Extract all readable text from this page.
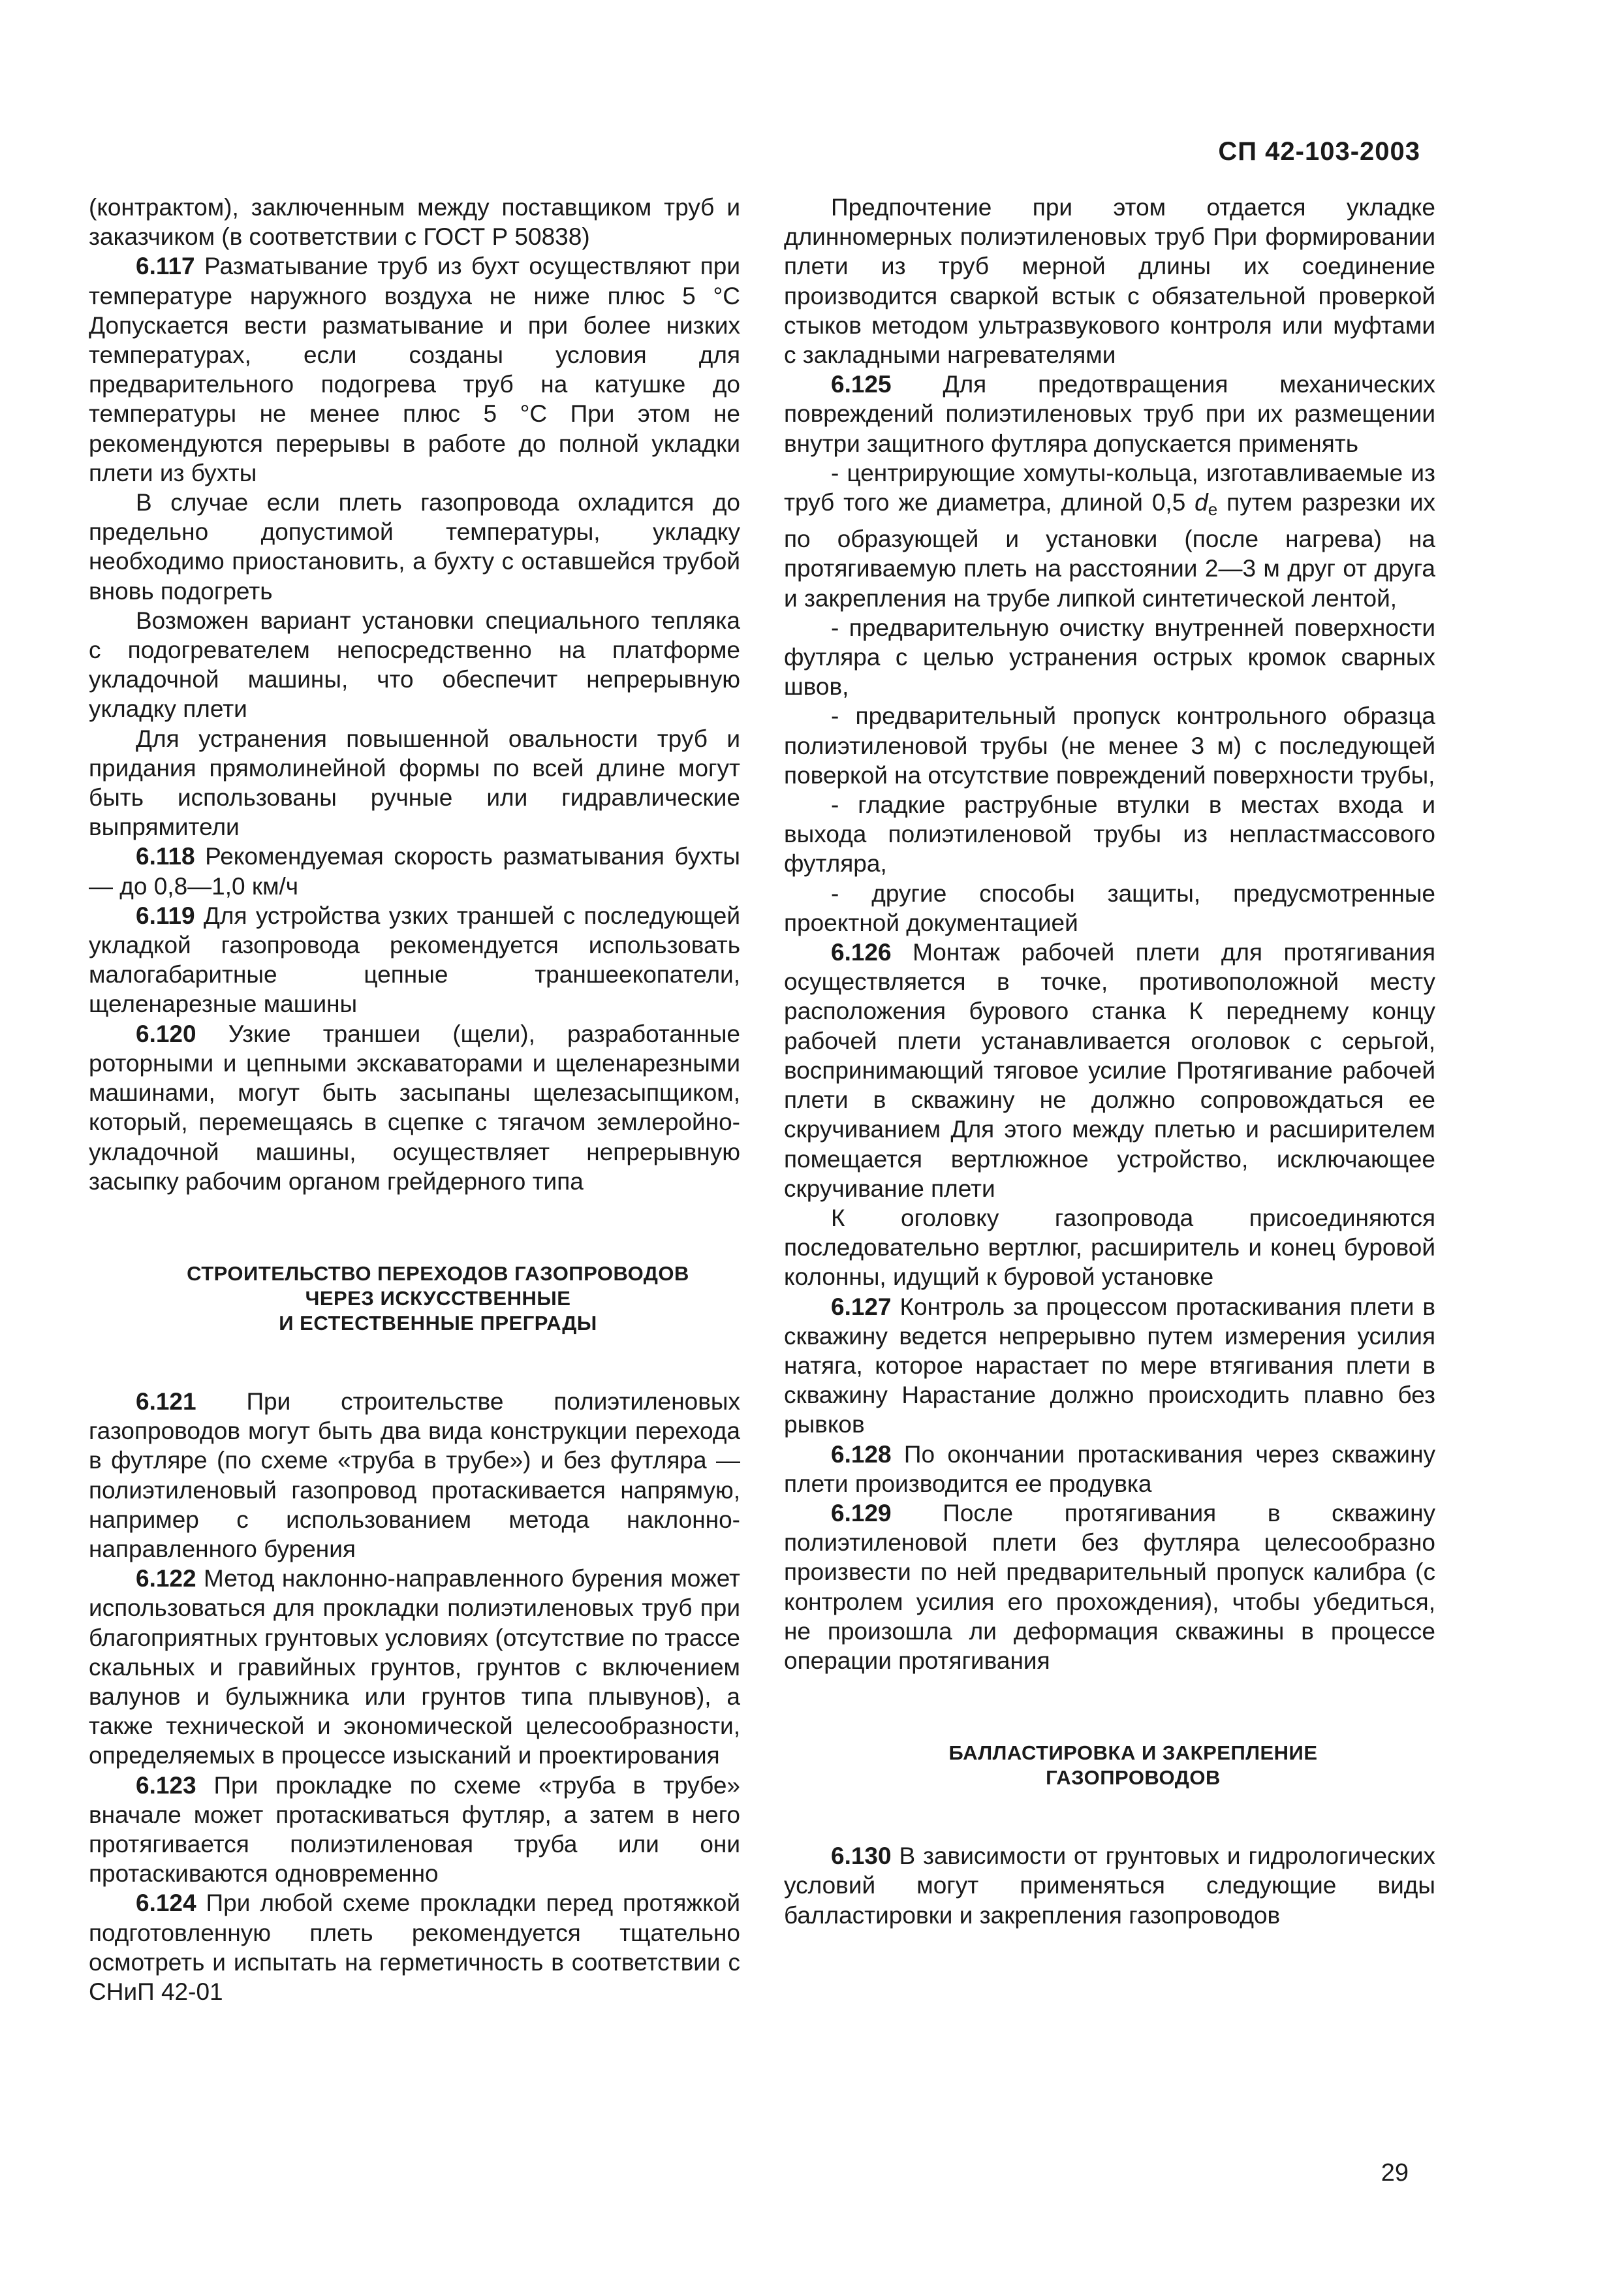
СП 42-103-2003

(контрактом), заключенным между поставщиком труб и заказчиком (в соответствии с ГОСТ Р 50838)

6.117 Разматывание труб из бухт осуществляют при температуре наружного воздуха не ниже плюс 5 °С Допускается вести разматывание и при более низких температурах, если созданы условия для предварительного подогрева труб на катушке до температуры не менее плюс 5 °С При этом не рекомендуются перерывы в работе до полной укладки плети из бухты

В случае если плеть газопровода охладится до предельно допустимой температуры, укладку необходимо приостановить, а бухту с оставшейся трубой вновь подогреть

Возможен вариант установки специального тепляка с подогревателем непосредственно на платформе укладочной машины, что обеспечит непрерывную укладку плети

Для устранения повышенной овальности труб и придания прямолинейной формы по всей длине могут быть использованы ручные или гидравлические выпрямители

6.118 Рекомендуемая скорость разматывания бухты — до 0,8—1,0 км/ч

6.119 Для устройства узких траншей с последующей укладкой газопровода рекомендуется использовать малогабаритные цепные траншеекопатели, щеленарезные машины

6.120 Узкие траншеи (щели), разработанные роторными и цепными экскаваторами и щеленарезными машинами, могут быть засыпаны щелезасыпщиком, который, перемещаясь в сцепке с тягачом землеройно-укладочной машины, осуществляет непрерывную засыпку рабочим органом грейдерного типа

СТРОИТЕЛЬСТВО ПЕРЕХОДОВ ГАЗОПРОВОДОВ

ЧЕРЕЗ ИСКУССТВЕННЫЕ

И ЕСТЕСТВЕННЫЕ ПРЕГРАДЫ

6.121 При строительстве полиэтиленовых газопроводов могут быть два вида конструкции перехода в футляре (по схеме «труба в трубе») и без футляра — полиэтиленовый газопровод протаскивается напрямую, например с использованием метода наклонно-направленного бурения

6.122 Метод наклонно-направленного бурения может использоваться для прокладки полиэтиленовых труб при благоприятных грунтовых условиях (отсутствие по трассе скальных и гравийных грунтов, грунтов с включением валунов и булыжника или грунтов типа плывунов), а также технической и экономической целесообразности, определяемых в процессе изысканий и проектирования

6.123 При прокладке по схеме «труба в трубе» вначале может протаскиваться футляр, а затем в него протягивается полиэтиленовая труба или они протаскиваются одновременно

6.124 При любой схеме прокладки перед протяжкой подготовленную плеть рекомендуется тщательно осмотреть и испытать на герметичность в соответствии с СНиП 42-01

Предпочтение при этом отдается укладке длинномерных полиэтиленовых труб При формировании плети из труб мерной длины их соединение производится сваркой встык с обязательной проверкой стыков методом ультразвукового контроля или муфтами с закладными нагревателями

6.125 Для предотвращения механических повреждений полиэтиленовых труб при их размещении внутри защитного футляра допускается применять

- центрирующие хомуты-кольца, изготавливаемые из труб того же диаметра, длиной 0,5 de путем разрезки их по образующей и установки (после нагрева) на протягиваемую плеть на расстоянии 2—3 м друг от друга и закрепления на трубе липкой синтетической лентой,

- предварительную очистку внутренней поверхности футляра с целью устранения острых кромок сварных швов,

- предварительный пропуск контрольного образца полиэтиленовой трубы (не менее 3 м) с последующей поверкой на отсутствие повреждений поверхности трубы,

- гладкие раструбные втулки в местах входа и выхода полиэтиленовой трубы из непластмассового футляра,

- другие способы защиты, предусмотренные проектной документацией

6.126 Монтаж рабочей плети для протягивания осуществляется в точке, противоположной месту расположения бурового станка К переднему концу рабочей плети устанавливается оголовок с серьгой, воспринимающий тяговое усилие Протягивание рабочей плети в скважину не должно сопровождаться ее скручиванием Для этого между плетью и расширителем помещается вертлюжное устройство, исключающее скручивание плети

К оголовку газопровода присоединяются последовательно вертлюг, расширитель и конец буровой колонны, идущий к буровой установке

6.127 Контроль за процессом протаскивания плети в скважину ведется непрерывно путем измерения усилия натяга, которое нарастает по мере втягивания плети в скважину Нарастание должно происходить плавно без рывков

6.128 По окончании протаскивания через скважину плети производится ее продувка

6.129 После протягивания в скважину полиэтиленовой плети без футляра целесообразно произвести по ней предварительный пропуск калибра (с контролем усилия его прохождения), чтобы убедиться, не произошла ли деформация скважины в процессе операции протягивания

БАЛЛАСТИРОВКА И ЗАКРЕПЛЕНИЕ

ГАЗОПРОВОДОВ

6.130 В зависимости от грунтовых и гидрологических условий могут применяться следующие виды балластировки и закрепления газопроводов

29
